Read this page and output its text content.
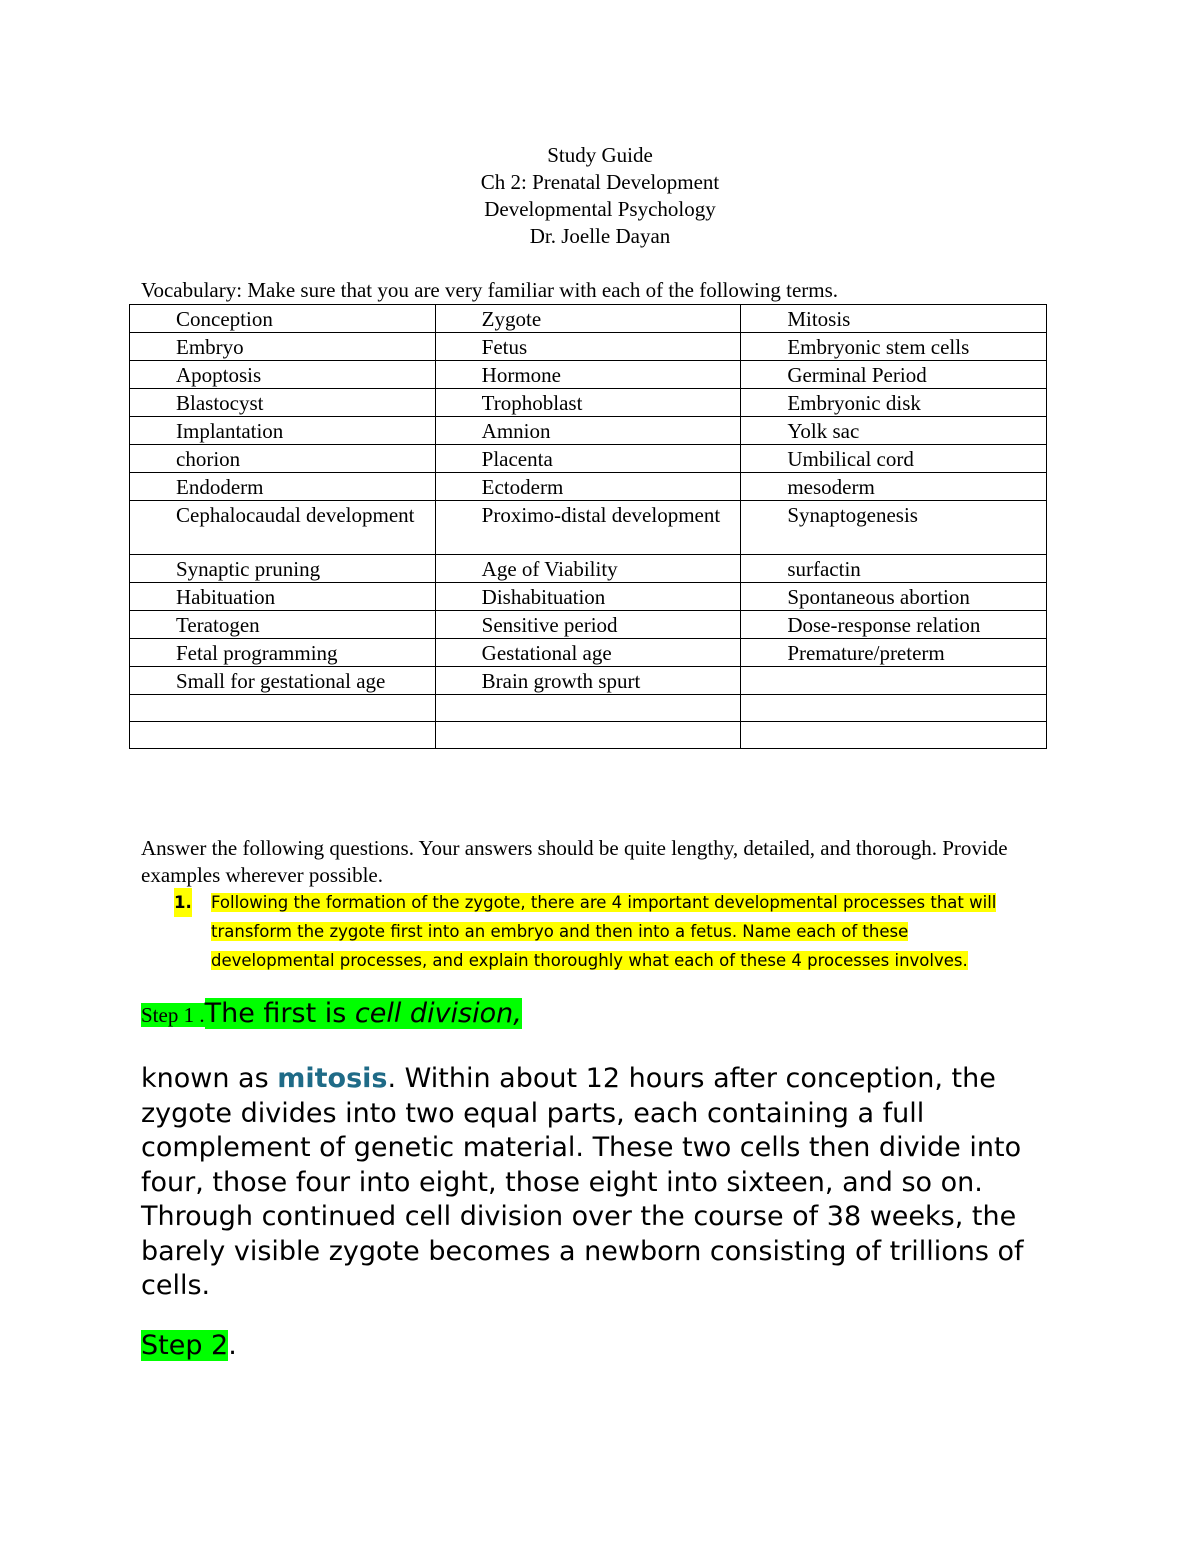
Study Guide
Ch 2: Prenatal Development
Developmental Psychology
Dr. Joelle Dayan
Vocabulary: Make sure that you are very familiar with each of the following terms.
Conception	Zygote	Mitosis
Embryo	Fetus	Embryonic stem cells
Apoptosis	Hormone	Germinal Period
Blastocyst	Trophoblast	Embryonic disk
Implantation	Amnion	Yolk sac
chorion	Placenta	Umbilical cord
Endoderm	Ectoderm	mesoderm
Cephalocaudal development	Proximo-distal development	Synaptogenesis
Synaptic pruning	Age of Viability	surfactin
Habituation	Dishabituation	Spontaneous abortion
Teratogen	Sensitive period	Dose-response relation
Fetal programming	Gestational age	Premature/preterm
Small for gestational age	Brain growth spurt	

Answer the following questions. Your answers should be quite lengthy, detailed, and thorough. Provide examples wherever possible.
1. Following the formation of the zygote, there are 4 important developmental processes that will
transform the zygote first into an embryo and then into a fetus. Name each of these
developmental processes, and explain thoroughly what each of these 4 processes involves.
Step 1 .The first is cell division,
known as mitosis. Within about 12 hours after conception, the zygote divides into two equal parts, each containing a full complement of genetic material. These two cells then divide into four, those four into eight, those eight into sixteen, and so on. Through continued cell division over the course of 38 weeks, the barely visible zygote becomes a newborn consisting of trillions of cells.
Step 2.
